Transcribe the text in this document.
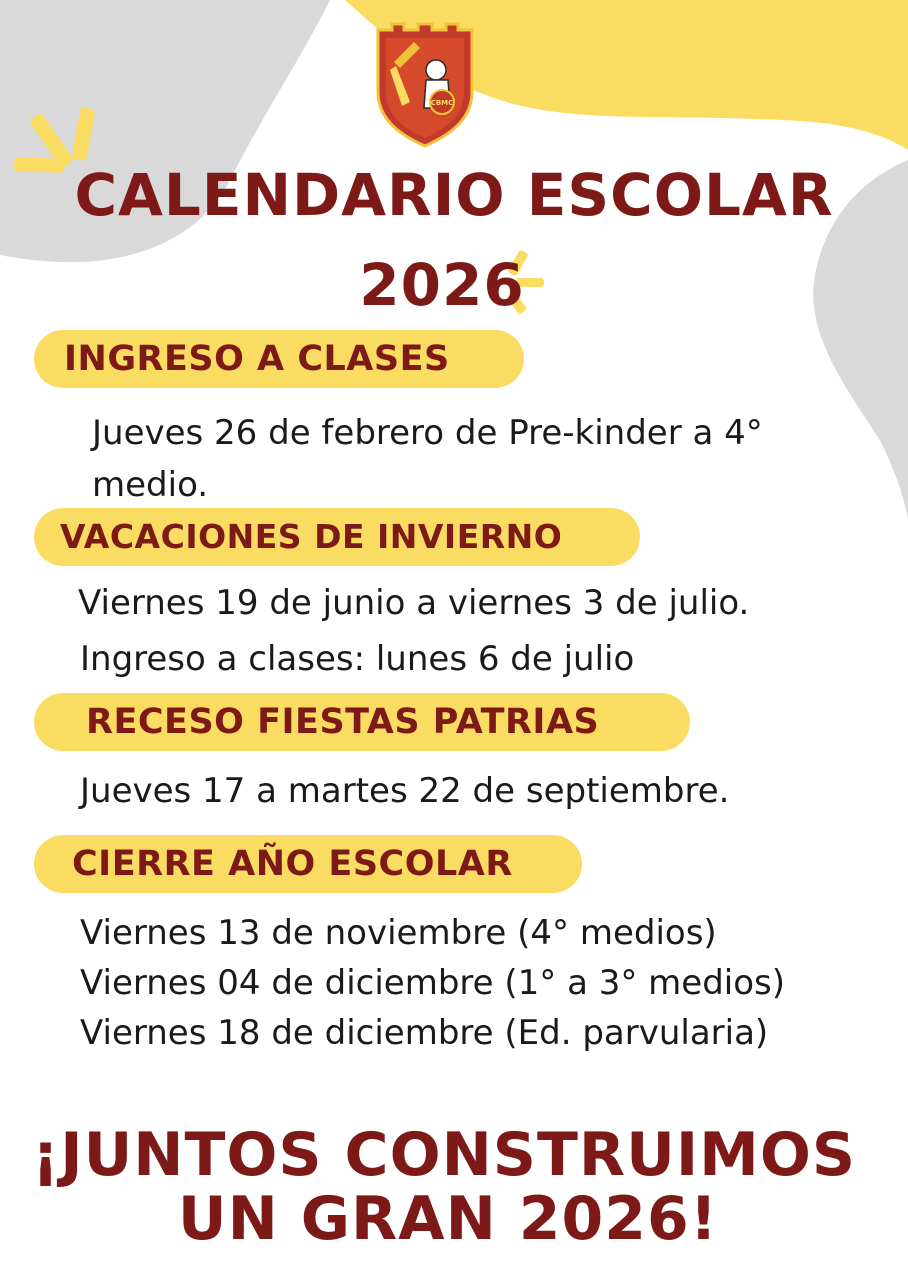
CBMC
CALENDARIO ESCOLAR
2026
INGRESO A CLASES

Jueves 26 de febrero de Pre-kinder a 4°

medio.

VACACIONES DE INVIERNO

Viernes 19 de junio a viernes 3 de julio.

Ingreso a clases: lunes 6 de julio

RECESO FIESTAS PATRIAS

Jueves 17 a martes 22 de septiembre.

CIERRE AÑO ESCOLAR

Viernes 13 de noviembre (4° medios)

Viernes 04 de diciembre (1° a 3° medios)

Viernes 18 de diciembre (Ed. parvularia)

¡JUNTOS CONSTRUIMOS

UN GRAN 2026!
